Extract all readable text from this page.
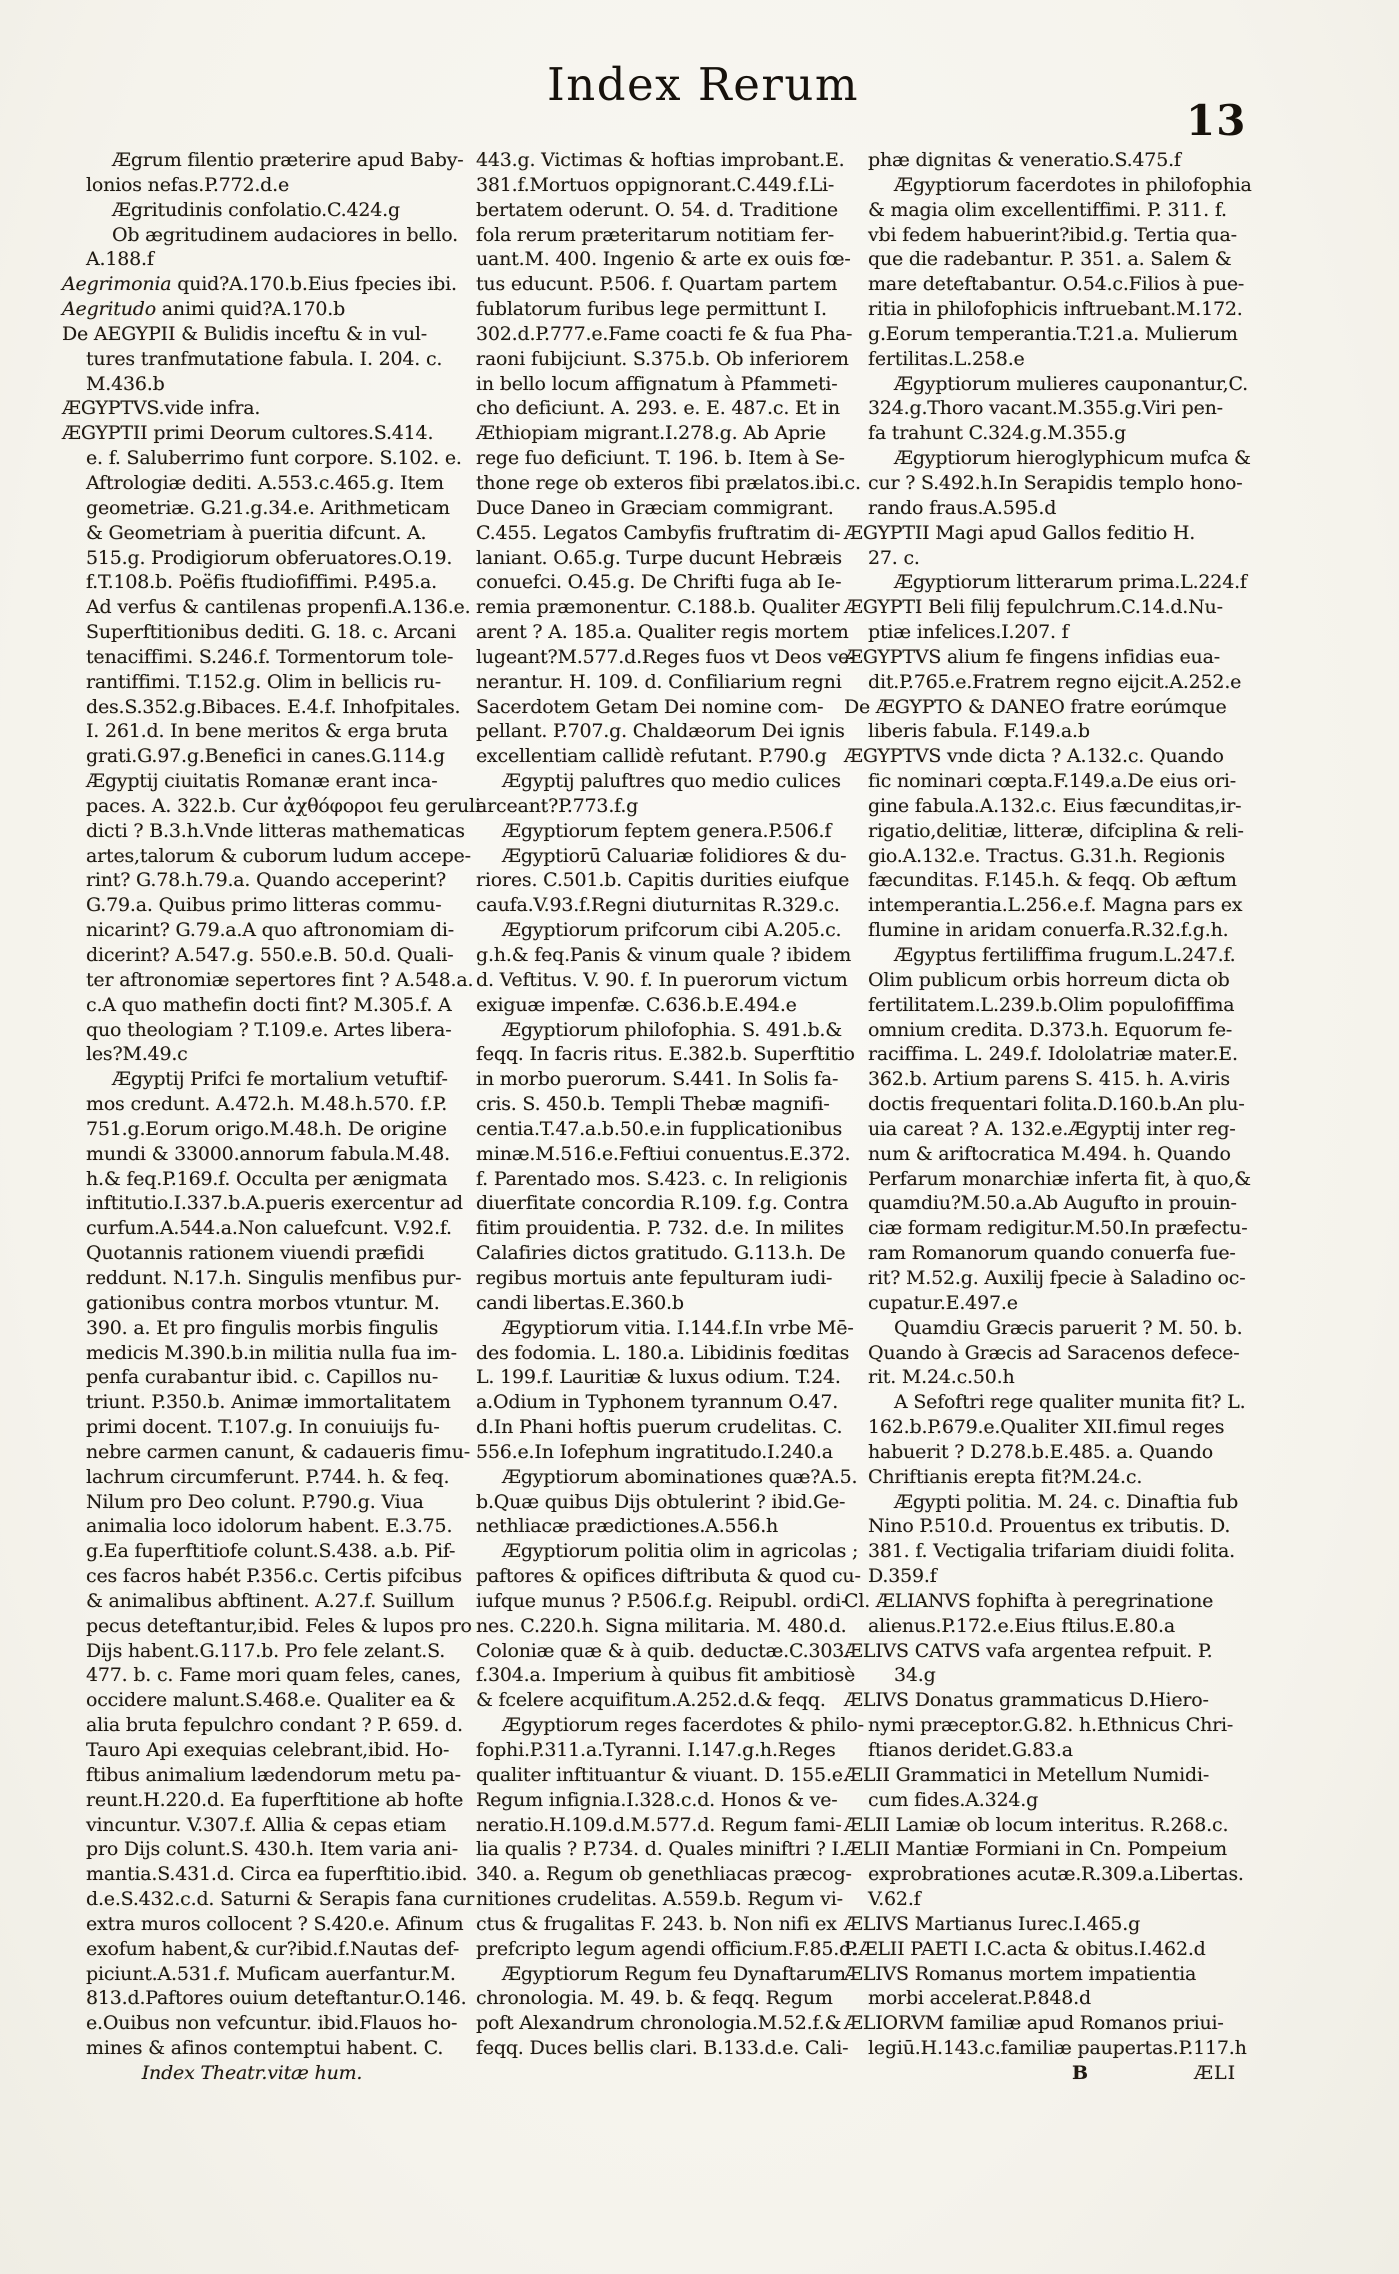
Index Rerum
13
Ægrum filentio præterire apud Baby-
lonios nefas.P.772.d.e
Ægritudinis confolatio.C.424.g
Ob ægritudinem audaciores in bello.
A.188.f
Aegrimonia quid?A.170.b.Eius fpecies ibi.
Aegritudo animi quid?A.170.b
De AEGYPII & Bulidis inceftu & in vul-
tures tranfmutatione fabula. I. 204. c.
M.436.b
ÆGYPTVS.vide infra.
ÆGYPTII primi Deorum cultores.S.414.
e. f. Saluberrimo funt corpore. S.102. e.
Aftrologiæ dediti. A.553.c.465.g. Item
geometriæ. G.21.g.34.e. Arithmeticam
& Geometriam à pueritia difcunt. A.
515.g. Prodigiorum obferuatores.O.19.
f.T.108.b. Poëfis ftudiofiffimi. P.495.a.
Ad verfus & cantilenas propenfi.A.136.e.
Superftitionibus dediti. G. 18. c. Arcani
tenaciffimi. S.246.f. Tormentorum tole-
rantiffimi. T.152.g. Olim in bellicis ru-
des.S.352.g.Bibaces. E.4.f. Inhofpitales.
I. 261.d. In bene meritos & erga bruta
grati.G.97.g.Benefici in canes.G.114.g
Ægyptij ciuitatis Romanæ erant inca-
paces. A. 322.b. Cur ἀχθόφοροι feu geruli
dicti ? B.3.h.Vnde litteras mathematicas
artes,talorum & cuborum ludum accepe-
rint? G.78.h.79.a. Quando acceperint?
G.79.a. Quibus primo litteras commu-
nicarint? G.79.a.A quo aftronomiam di-
dicerint? A.547.g. 550.e.B. 50.d. Quali-
ter aftronomiæ sepertores fint ? A.548.a.
c.A quo mathefin docti fint? M.305.f. A
quo theologiam ? T.109.e. Artes libera-
les?M.49.c
Ægyptij Prifci fe mortalium vetuftif-
mos credunt. A.472.h. M.48.h.570. f.P.
751.g.Eorum origo.M.48.h. De origine
mundi & 33000.annorum fabula.M.48.
h.& feq.P.169.f. Occulta per ænigmata
inftitutio.I.337.b.A.pueris exercentur ad
curfum.A.544.a.Non caluefcunt. V.92.f.
Quotannis rationem viuendi præfidi
reddunt. N.17.h. Singulis menfibus pur-
gationibus contra morbos vtuntur. M.
390. a. Et pro fingulis morbis fingulis
medicis M.390.b.in militia nulla fua im-
penfa curabantur ibid. c. Capillos nu-
triunt. P.350.b. Animæ immortalitatem
primi docent. T.107.g. In conuiuijs fu-
nebre carmen canunt, & cadaueris fimu-
lachrum circumferunt. P.744. h. & feq.
Nilum pro Deo colunt. P.790.g. Viua
animalia loco idolorum habent. E.3.75.
g.Ea fuperftitiofe colunt.S.438. a.b. Pif-
ces facros habét P.356.c. Certis pifcibus
& animalibus abftinent. A.27.f. Suillum
pecus deteftantur,ibid. Feles & lupos pro
Dijs habent.G.117.b. Pro fele zelant.S.
477. b. c. Fame mori quam feles, canes,
occidere malunt.S.468.e. Qualiter ea &
alia bruta fepulchro condant ? P. 659. d.
Tauro Api exequias celebrant,ibid. Ho-
ftibus animalium lædendorum metu pa-
reunt.H.220.d. Ea fuperftitione ab hofte
vincuntur. V.307.f. Allia & cepas etiam
pro Dijs colunt.S. 430.h. Item varia ani-
mantia.S.431.d. Circa ea fuperftitio.ibid.
d.e.S.432.c.d. Saturni & Serapis fana cur
extra muros collocent ? S.420.e. Afinum
exofum habent,& cur?ibid.f.Nautas def-
piciunt.A.531.f. Muficam auerfantur.M.
813.d.Paftores ouium deteftantur.O.146.
e.Ouibus non vefcuntur. ibid.Flauos ho-
mines & afinos contemptui habent. C.
Index Theatr.vitæ hum.
443.g. Victimas & hoftias improbant.E.
381.f.Mortuos oppignorant.C.449.f.Li-
bertatem oderunt. O. 54. d. Traditione
fola rerum præteritarum notitiam fer-
uant.M. 400. Ingenio & arte ex ouis fœ-
tus educunt. P.506. f. Quartam partem
fublatorum furibus lege permittunt I.
302.d.P.777.e.Fame coacti fe & fua Pha-
raoni fubijciunt. S.375.b. Ob inferiorem
in bello locum affignatum à Pfammeti-
cho deficiunt. A. 293. e. E. 487.c. Et in
Æthiopiam migrant.I.278.g. Ab Aprie
rege fuo deficiunt. T. 196. b. Item à Se-
thone rege ob exteros fibi prælatos.ibi.c.
Duce Daneo in Græciam commigrant.
C.455. Legatos Cambyfis fruftratim di-
laniant. O.65.g. Turpe ducunt Hebræis
conuefci. O.45.g. De Chrifti fuga ab Ie-
remia præmonentur. C.188.b. Qualiter
arent ? A. 185.a. Qualiter regis mortem
lugeant?M.577.d.Reges fuos vt Deos ve-
nerantur. H. 109. d. Confiliarium regni
Sacerdotem Getam Dei nomine com-
pellant. P.707.g. Chaldæorum Dei ignis
excellentiam callidè refutant. P.790.g
Ægyptij paluftres quo medio culices
arceant?P.773.f.g
Ægyptiorum feptem genera.P.506.f
Ægyptiorū Caluariæ folidiores & du-
riores. C.501.b. Capitis durities eiufque
caufa.V.93.f.Regni diuturnitas R.329.c.
Ægyptiorum prifcorum cibi A.205.c.
g.h.& feq.Panis & vinum quale ? ibidem
d. Veftitus. V. 90. f. In puerorum victum
exiguæ impenfæ. C.636.b.E.494.e
Ægyptiorum philofophia. S. 491.b.&
feqq. In facris ritus. E.382.b. Superftitio
in morbo puerorum. S.441. In Solis fa-
cris. S. 450.b. Templi Thebæ magnifi-
centia.T.47.a.b.50.e.in fupplicationibus
minæ.M.516.e.Feftiui conuentus.E.372.
f. Parentado mos. S.423. c. In religionis
diuerfitate concordia R.109. f.g. Contra
fitim prouidentia. P. 732. d.e. In milites
Calafiries dictos gratitudo. G.113.h. De
regibus mortuis ante fepulturam iudi-
candi libertas.E.360.b
Ægyptiorum vitia. I.144.f.In vrbe Mē-
des fodomia. L. 180.a. Libidinis fœditas
L. 199.f. Lauritiæ & luxus odium. T.24.
a.Odium in Typhonem tyrannum O.47.
d.In Phani hoftis puerum crudelitas. C.
556.e.In Iofephum ingratitudo.I.240.a
Ægyptiorum abominationes quæ?A.5.
b.Quæ quibus Dijs obtulerint ? ibid.Ge-
nethliacæ prædictiones.A.556.h
Ægyptiorum politia olim in agricolas ;
paftores & opifices diftributa & quod cu-
iufque munus ? P.506.f.g. Reipubl. ordi-
nes. C.220.h. Signa militaria. M. 480.d.
Coloniæ quæ & à quib. deductæ.C.303.
f.304.a. Imperium à quibus fit ambitiosè
& fcelere acquifitum.A.252.d.& feqq.
Ægyptiorum reges facerdotes & philo-
fophi.P.311.a.Tyranni. I.147.g.h.Reges
qualiter inftituantur & viuant. D. 155.e.
Regum infignia.I.328.c.d. Honos & ve-
neratio.H.109.d.M.577.d. Regum fami-
lia qualis ? P.734. d. Quales miniftri ? I.
340. a. Regum ob genethliacas præcog-
nitiones crudelitas. A.559.b. Regum vi-
ctus & frugalitas F. 243. b. Non nifi ex
prefcripto legum agendi officium.F.85.d.
Ægyptiorum Regum feu Dynaftarum
chronologia. M. 49. b. & feqq. Regum
poft Alexandrum chronologia.M.52.f.&
feqq. Duces bellis clari. B.133.d.e. Cali-
phæ dignitas & veneratio.S.475.f
Ægyptiorum facerdotes in philofophia
& magia olim excellentiffimi. P. 311. f.
vbi fedem habuerint?ibid.g. Tertia qua-
que die radebantur. P. 351. a. Salem &
mare deteftabantur. O.54.c.Filios à pue-
ritia in philofophicis inftruebant.M.172.
g.Eorum temperantia.T.21.a. Mulierum
fertilitas.L.258.e
Ægyptiorum mulieres cauponantur,C.
324.g.Thoro vacant.M.355.g.Viri pen-
fa trahunt C.324.g.M.355.g
Ægyptiorum hieroglyphicum mufca &
cur ? S.492.h.In Serapidis templo hono-
rando fraus.A.595.d
ÆGYPTII Magi apud Gallos feditio H.
27. c.
Ægyptiorum litterarum prima.L.224.f
ÆGYPTI Beli filij fepulchrum.C.14.d.Nu-
ptiæ infelices.I.207. f
ÆGYPTVS alium fe fingens infidias eua-
dit.P.765.e.Fratrem regno eijcit.A.252.e
De ÆGYPTO & DANEO fratre eorúmque
liberis fabula. F.149.a.b
ÆGYPTVS vnde dicta ? A.132.c. Quando
fic nominari cœpta.F.149.a.De eius ori-
gine fabula.A.132.c. Eius fæcunditas,ir-
rigatio,delitiæ, litteræ, difciplina & reli-
gio.A.132.e. Tractus. G.31.h. Regionis
fæcunditas. F.145.h. & feqq. Ob æftum
intemperantia.L.256.e.f. Magna pars ex
flumine in aridam conuerfa.R.32.f.g.h.
Ægyptus fertiliffima frugum.L.247.f.
Olim publicum orbis horreum dicta ob
fertilitatem.L.239.b.Olim populofiffima
omnium credita. D.373.h. Equorum fe-
raciffima. L. 249.f. Idololatriæ mater.E.
362.b. Artium parens S. 415. h. A.viris
doctis frequentari folita.D.160.b.An plu-
uia careat ? A. 132.e.Ægyptij inter reg-
num & ariftocratica M.494. h. Quando
Perfarum monarchiæ inferta fit, à quo,&
quamdiu?M.50.a.Ab Augufto in prouin-
ciæ formam redigitur.M.50.In præfectu-
ram Romanorum quando conuerfa fue-
rit? M.52.g. Auxilij fpecie à Saladino oc-
cupatur.E.497.e
Quamdiu Græcis paruerit ? M. 50. b.
Quando à Græcis ad Saracenos defece-
rit. M.24.c.50.h
A Sefoftri rege qualiter munita fit? L.
162.b.P.679.e.Qualiter XII.fimul reges
habuerit ? D.278.b.E.485. a. Quando
Chriftianis erepta fit?M.24.c.
Ægypti politia. M. 24. c. Dinaftia fub
Nino P.510.d. Prouentus ex tributis. D.
381. f. Vectigalia trifariam diuidi folita.
D.359.f
Cl. ÆLIANVS fophifta à peregrinatione
alienus.P.172.e.Eius ftilus.E.80.a
ÆLIVS CATVS vafa argentea refpuit. P.
34.g
ÆLIVS Donatus grammaticus D.Hiero-
nymi præceptor.G.82. h.Ethnicus Chri-
ftianos deridet.G.83.a
ÆLII Grammatici in Metellum Numidi-
cum fides.A.324.g
ÆLII Lamiæ ob locum interitus. R.268.c.
ÆLII Mantiæ Formiani in Cn. Pompeium
exprobrationes acutæ.R.309.a.Libertas.
V.62.f
ÆLIVS Martianus Iurec.I.465.g
P.ÆLII PAETI I.C.acta & obitus.I.462.d
ÆLIVS Romanus mortem impatientia
morbi accelerat.P.848.d
ÆLIORVM familiæ apud Romanos priui-
legiū.H.143.c.familiæ paupertas.P.117.h
B	ÆLI
